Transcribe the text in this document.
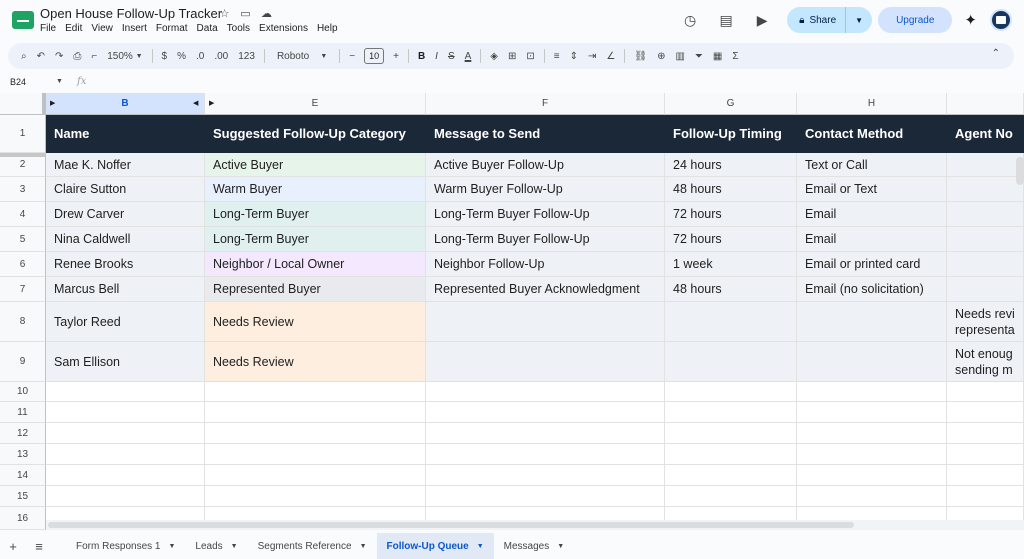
Open House Follow-Up Tracker
☆ ▭ ☁
File Edit View Insert Format Data Tools Extensions Help
◷	▤	▶	🔒︎ Share	▼	Upgrade	✦
⌕	↶	↷	⎙	⌐	150%
▼	$	%	.0	.00	123	Roboto
▼	−	10	+	B	I	S	A	◈	⊞	⊡	≡	⇕	⇥	∠	⛓	⊕	▥	⏷	▦	Σ	⌃
B24	▼ fx
B	E	F	G	H
▶	◀ ▶
1
2
3
4
5
6
7
8
9
10
11
12
13
14
15
16
Name	Suggested Follow-Up Category	Message to Send	Follow-Up Timing	Contact Method	Agent No
Mae K. Noffer	Active Buyer	Active Buyer Follow-Up	24 hours	Text or Call
Claire Sutton	Warm Buyer	Warm Buyer Follow-Up	48 hours	Email or Text
Drew Carver	Long-Term Buyer	Long-Term Buyer Follow-Up	72 hours	Email
Nina Caldwell	Long-Term Buyer	Long-Term Buyer Follow-Up	72 hours	Email
Renee Brooks	Neighbor / Local Owner	Neighbor Follow-Up	1 week	Email or printed card
Marcus Bell	Represented Buyer	Represented Buyer Acknowledgment	48 hours	Email (no solicitation)
Taylor Reed	Needs Review
Needs revi representa
Sam Ellison	Needs Review
Not enoug sending m
+	≡	Form Responses 1 ▼ Leads ▼ Segments Reference ▼ Follow-Up Queue ▼ Messages ▼
